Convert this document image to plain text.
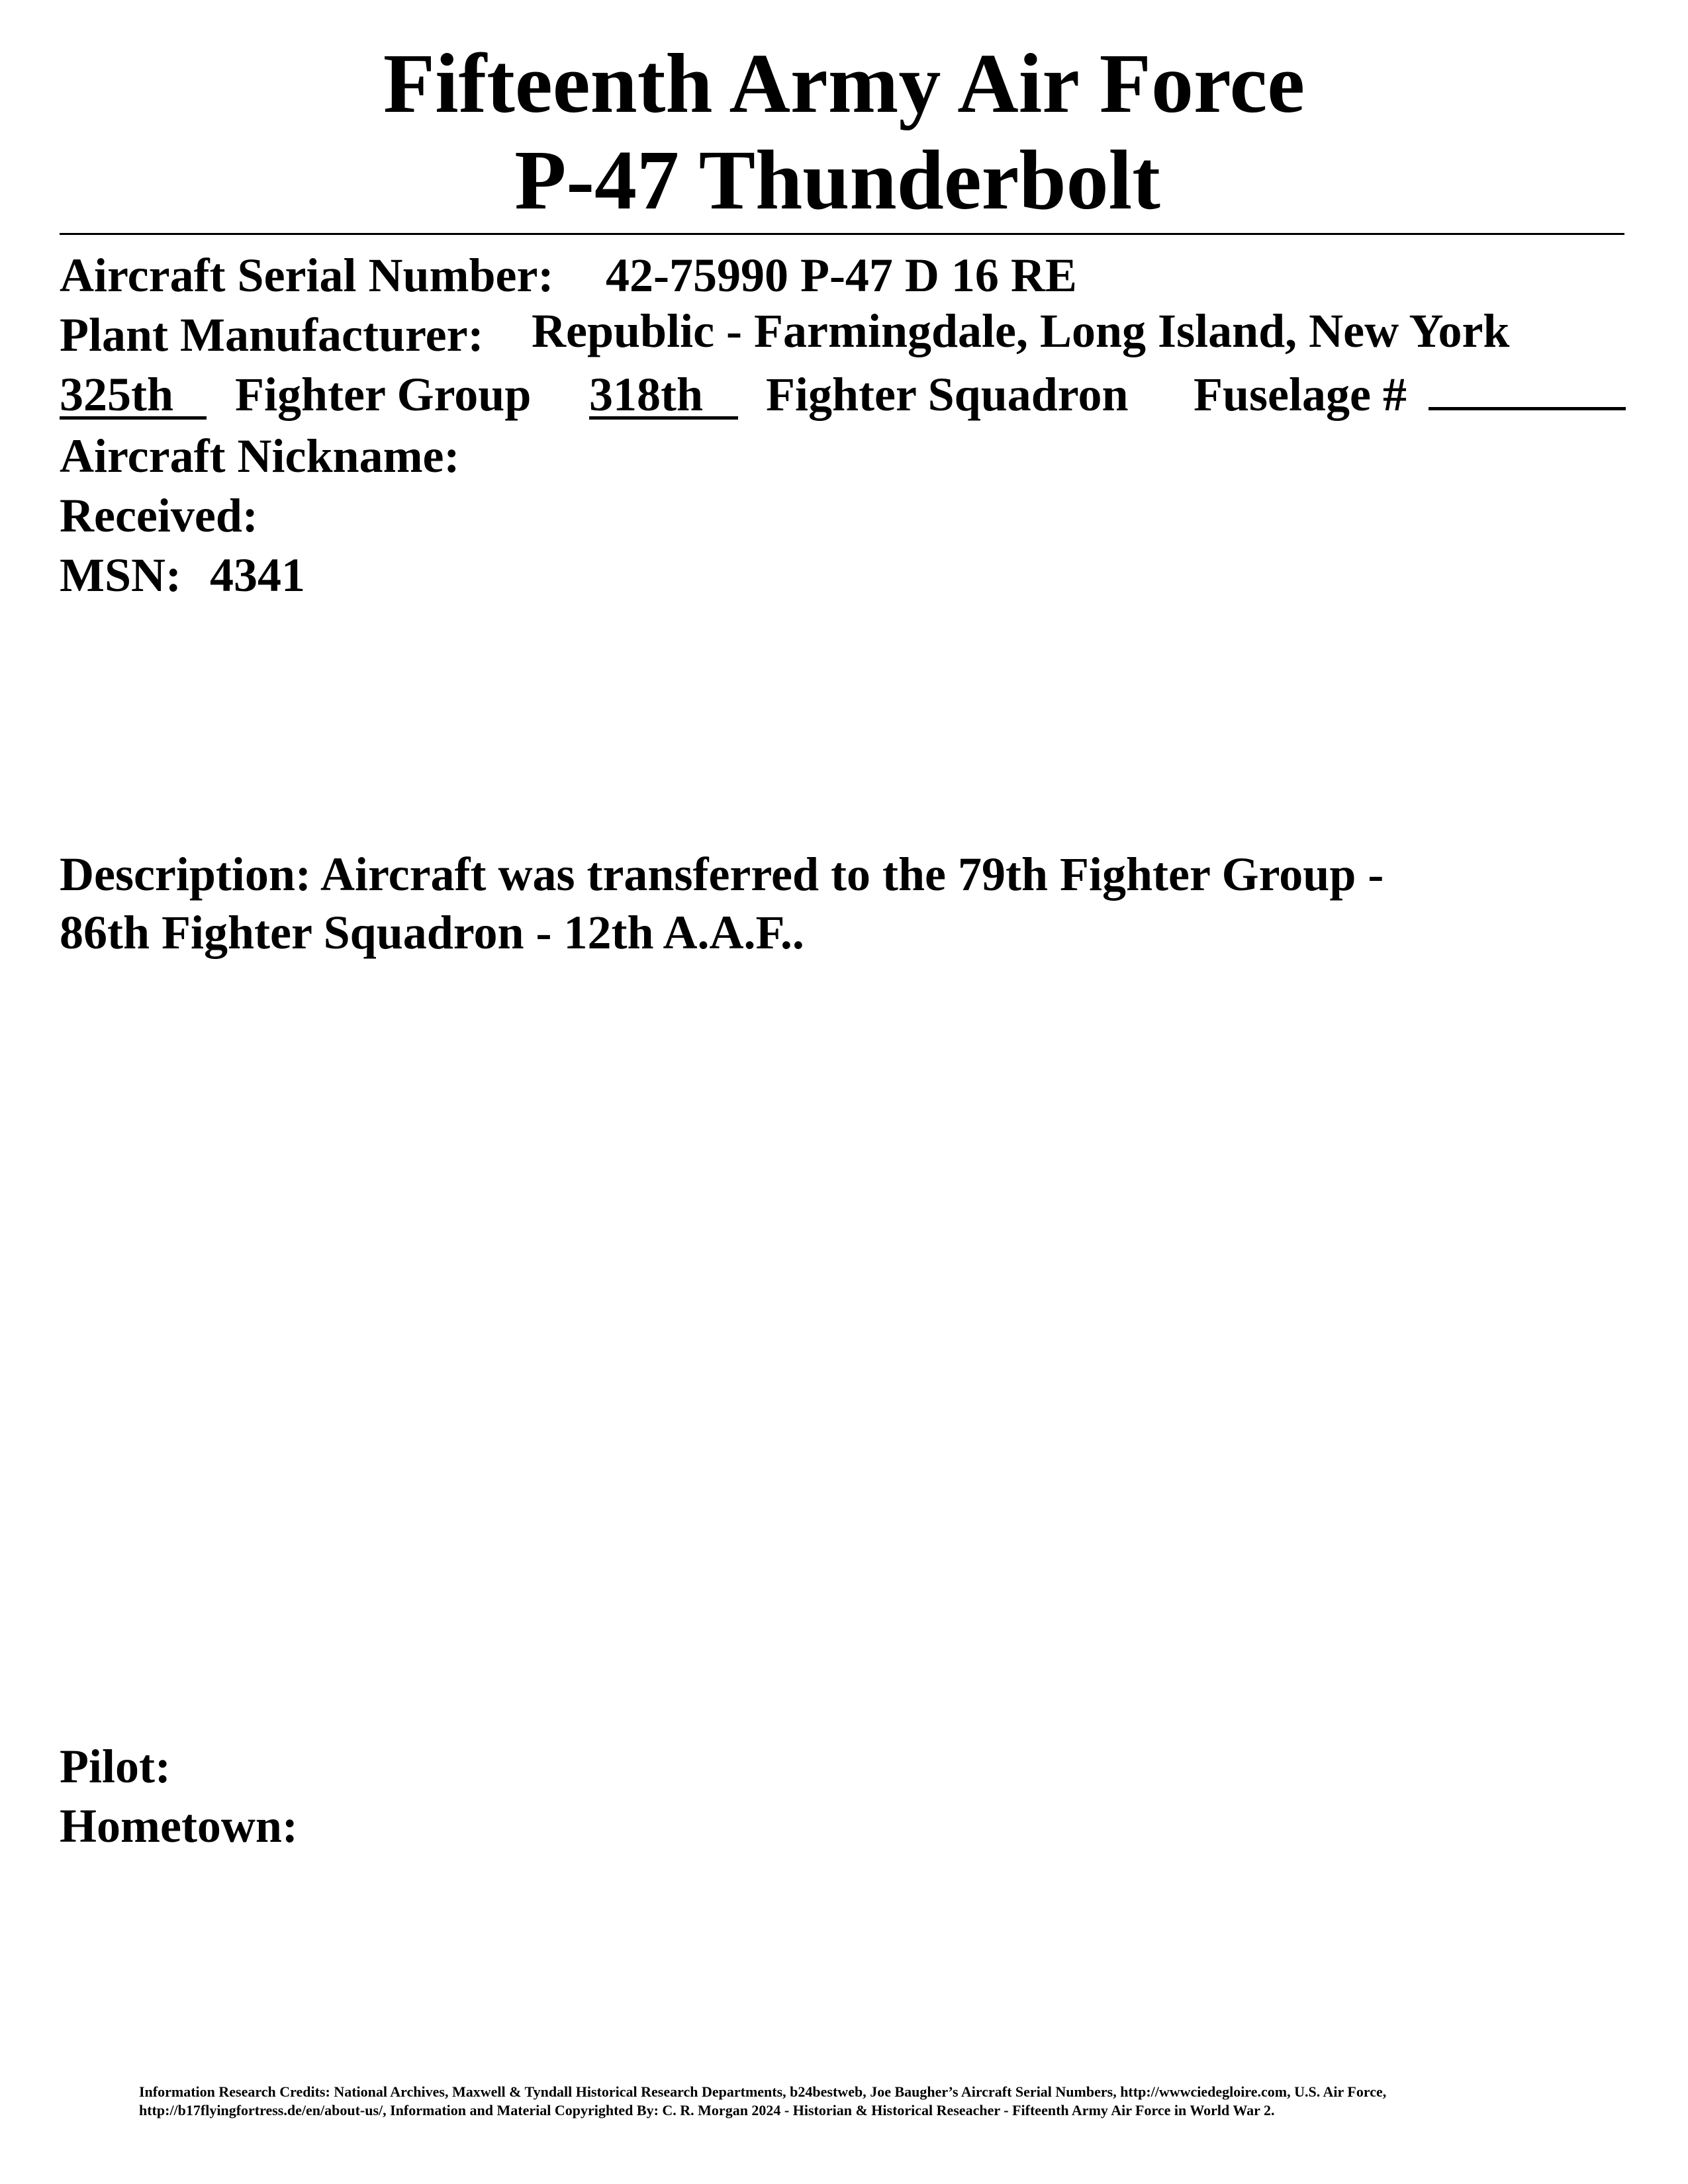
Fifteenth Army Air Force
P-47 Thunderbolt
Aircraft Serial Number: 42-75990 P-47 D 16 RE
Plant Manufacturer: Republic - Farmingdale, Long Island, New York
325th	Fighter Group 318th	Fighter Squadron Fuselage #
Aircraft Nickname:
Received:
MSN: 4341
Description: Aircraft was transferred to the 79th Fighter Group -
86th Fighter Squadron - 12th A.A.F..
Pilot:
Hometown:
Information Research Credits: National Archives, Maxwell & Tyndall Historical Research Departments, b24bestweb, Joe Baugher’s Aircraft Serial Numbers, http://wwwciedegloire.com, U.S. Air Force,
http://b17flyingfortress.de/en/about-us/, Information and Material Copyrighted By: C. R. Morgan 2024 - Historian & Historical Reseacher - Fifteenth Army Air Force in World War 2.
